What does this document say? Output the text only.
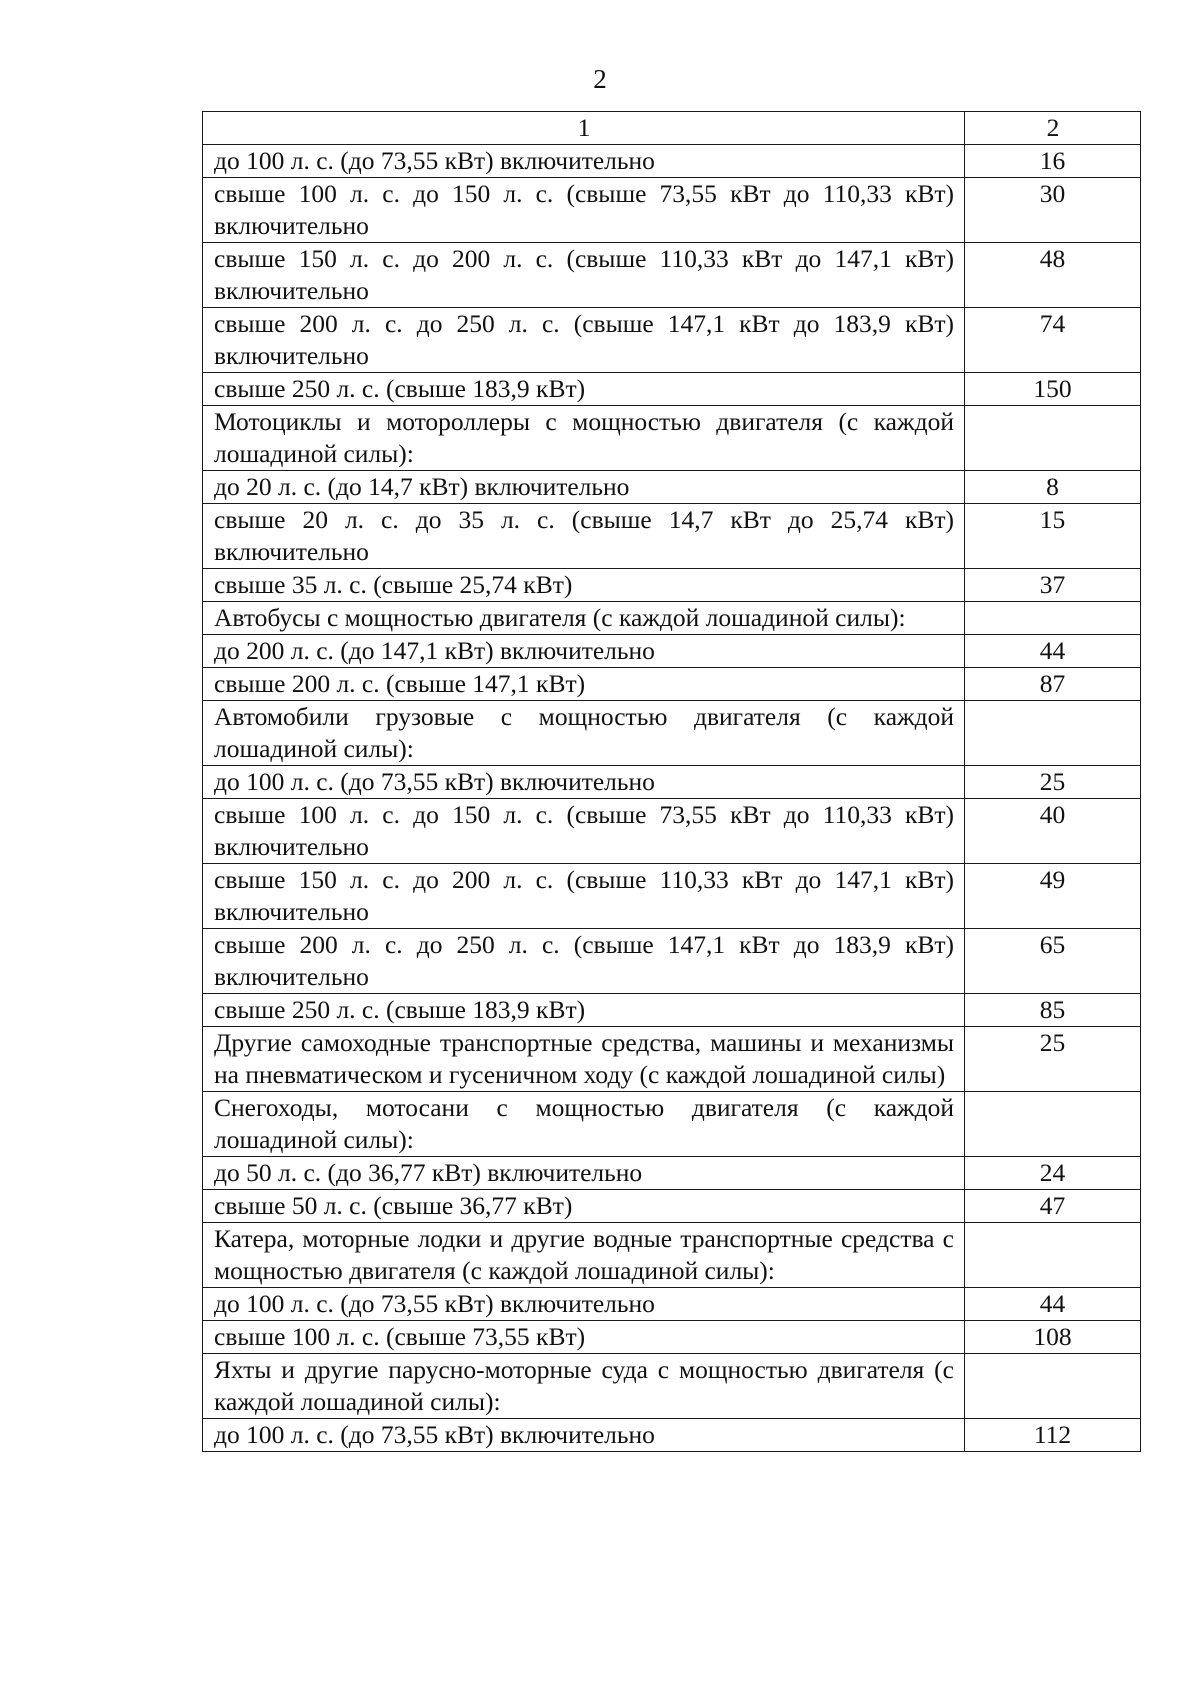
2
1	2
до 100 л. с. (до 73,55 кВт) включительно	16
свыше 100 л. с. до 150 л. с. (свыше 73,55 кВт до 110,33 кВт) включительно	30
свыше 150 л. с. до 200 л. с. (свыше 110,33 кВт до 147,1 кВт) включительно	48
свыше 200 л. с. до 250 л. с. (свыше 147,1 кВт до 183,9 кВт) включительно	74
свыше 250 л. с. (свыше 183,9 кВт)	150
Мотоциклы и мотороллеры с мощностью двигателя (с каждой лошадиной силы):	
до 20 л. с. (до 14,7 кВт) включительно	8
свыше 20 л. с. до 35 л. с. (свыше 14,7 кВт до 25,74 кВт) включительно	15
свыше 35 л. с. (свыше 25,74 кВт)	37
Автобусы с мощностью двигателя (с каждой лошадиной силы):	
до 200 л. с. (до 147,1 кВт) включительно	44
свыше 200 л. с. (свыше 147,1 кВт)	87
Автомобили грузовые с мощностью двигателя (с каждой лошадиной силы):	
до 100 л. с. (до 73,55 кВт) включительно	25
свыше 100 л. с. до 150 л. с. (свыше 73,55 кВт до 110,33 кВт) включительно	40
свыше 150 л. с. до 200 л. с. (свыше 110,33 кВт до 147,1 кВт) включительно	49
свыше 200 л. с. до 250 л. с. (свыше 147,1 кВт до 183,9 кВт) включительно	65
свыше 250 л. с. (свыше 183,9 кВт)	85
Другие самоходные транспортные средства, машины и механизмы на пневматическом и гусеничном ходу (с каждой лошадиной силы)	25
Снегоходы, мотосани с мощностью двигателя (с каждой лошадиной силы):	
до 50 л. с. (до 36,77 кВт) включительно	24
свыше 50 л. с. (свыше 36,77 кВт)	47
Катера, моторные лодки и другие водные транспортные средства с мощностью двигателя (с каждой лошадиной силы):	
до 100 л. с. (до 73,55 кВт) включительно	44
свыше 100 л. с. (свыше 73,55 кВт)	108
Яхты и другие парусно-моторные суда с мощностью двигателя (с каждой лошадиной силы):	
до 100 л. с. (до 73,55 кВт) включительно	112
